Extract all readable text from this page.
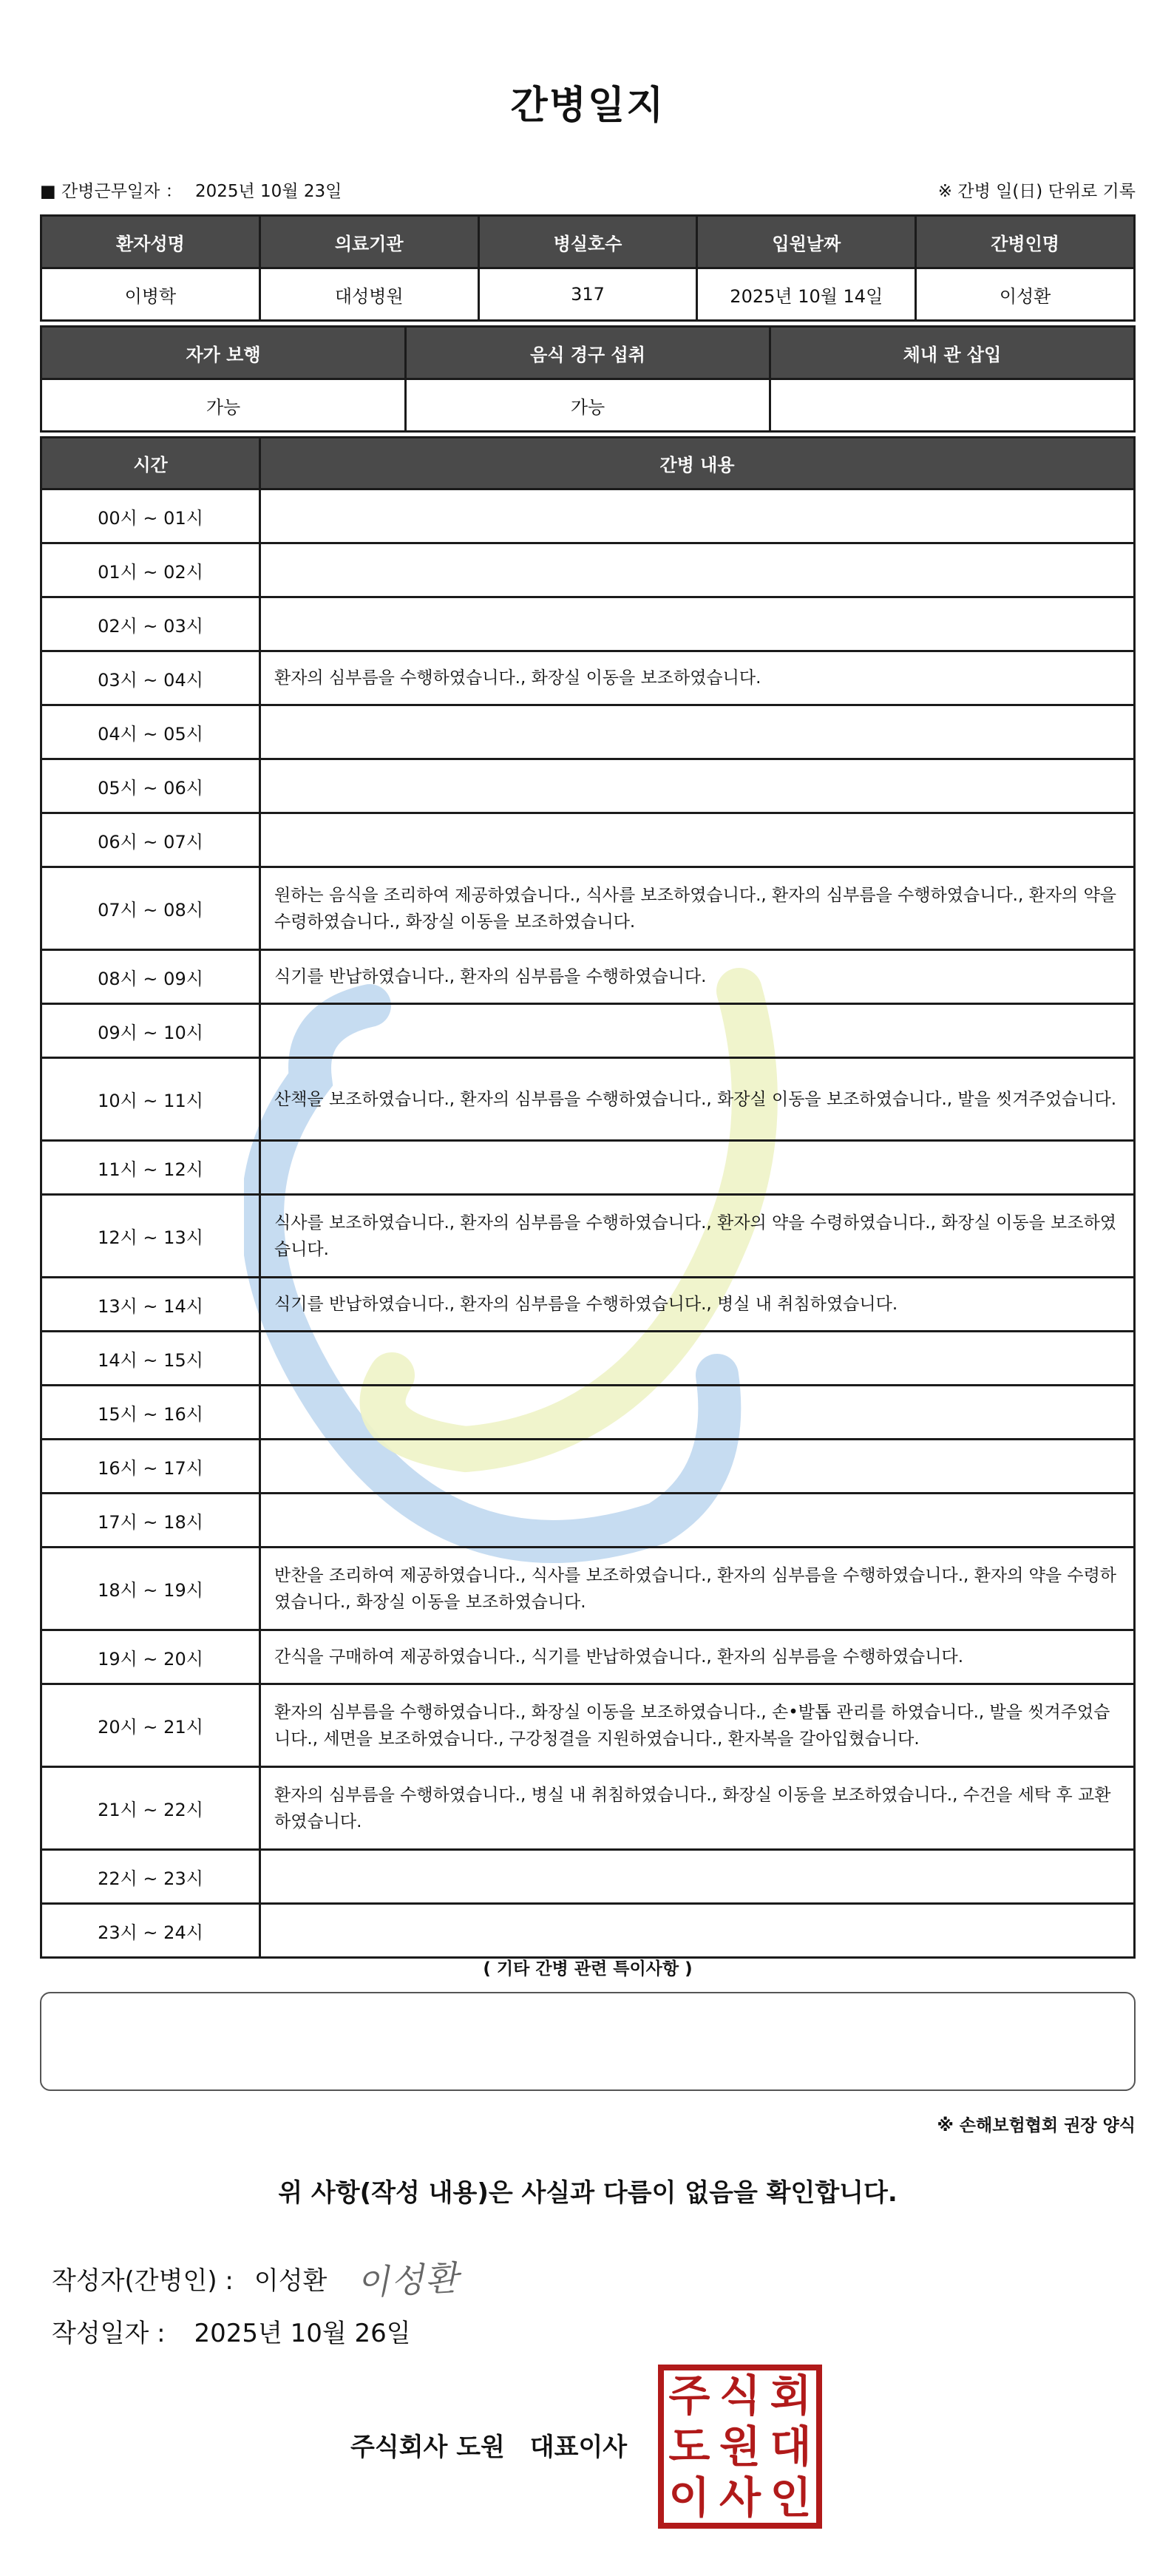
간병일지
■ 간병근무일자 ： 2025년 10월 23일	※ 간병 일(日) 단위로 기록
환자성명	의료기관	병실호수	입원날짜	간병인명
이병학	대성병원	317	2025년 10월 14일	이성환
자가 보행	음식 경구 섭취	체내 관 삽입
가능	가능	
시간	간병 내용
00시 ~ 01시	
01시 ~ 02시	
02시 ~ 03시	
03시 ~ 04시	환자의 심부름을 수행하였습니다., 화장실 이동을 보조하였습니다.
04시 ~ 05시	
05시 ~ 06시	
06시 ~ 07시	
07시 ~ 08시	원하는 음식을 조리하여 제공하였습니다., 식사를 보조하였습니다., 환자의 심부름을 수행하였습니다., 환자의 약을 수령하였습니다., 화장실 이동을 보조하였습니다.
08시 ~ 09시	식기를 반납하였습니다., 환자의 심부름을 수행하였습니다.
09시 ~ 10시	
10시 ~ 11시	산책을 보조하였습니다., 환자의 심부름을 수행하였습니다., 화장실 이동을 보조하였습니다., 발을 씻겨주었습니다.
11시 ~ 12시	
12시 ~ 13시	식사를 보조하였습니다., 환자의 심부름을 수행하였습니다., 환자의 약을 수령하였습니다., 화장실 이동을 보조하였습니다.
13시 ~ 14시	식기를 반납하였습니다., 환자의 심부름을 수행하였습니다., 병실 내 취침하였습니다.
14시 ~ 15시	
15시 ~ 16시	
16시 ~ 17시	
17시 ~ 18시	
18시 ~ 19시	반찬을 조리하여 제공하였습니다., 식사를 보조하였습니다., 환자의 심부름을 수행하였습니다., 환자의 약을 수령하였습니다., 화장실 이동을 보조하였습니다.
19시 ~ 20시	간식을 구매하여 제공하였습니다., 식기를 반납하였습니다., 환자의 심부름을 수행하였습니다.
20시 ~ 21시	환자의 심부름을 수행하였습니다., 화장실 이동을 보조하였습니다., 손•발톱 관리를 하였습니다., 발을 씻겨주었습니다., 세면을 보조하였습니다., 구강청결을 지원하였습니다., 환자복을 갈아입혔습니다.
21시 ~ 22시	환자의 심부름을 수행하였습니다., 병실 내 취침하였습니다., 화장실 이동을 보조하였습니다., 수건을 세탁 후 교환하였습니다.
22시 ~ 23시	
23시 ~ 24시	
( 기타 간병 관련 특이사항 )
※ 손해보험협회 권장 양식
위 사항(작성 내용)은 사실과 다름이 없음을 확인합니다.
작성자(간병인) : 이성환 이성환
작성일자 : 2025년 10월 26일
주식회사 도원 대표이사
주 식 회
도 원 대
이 사 인
